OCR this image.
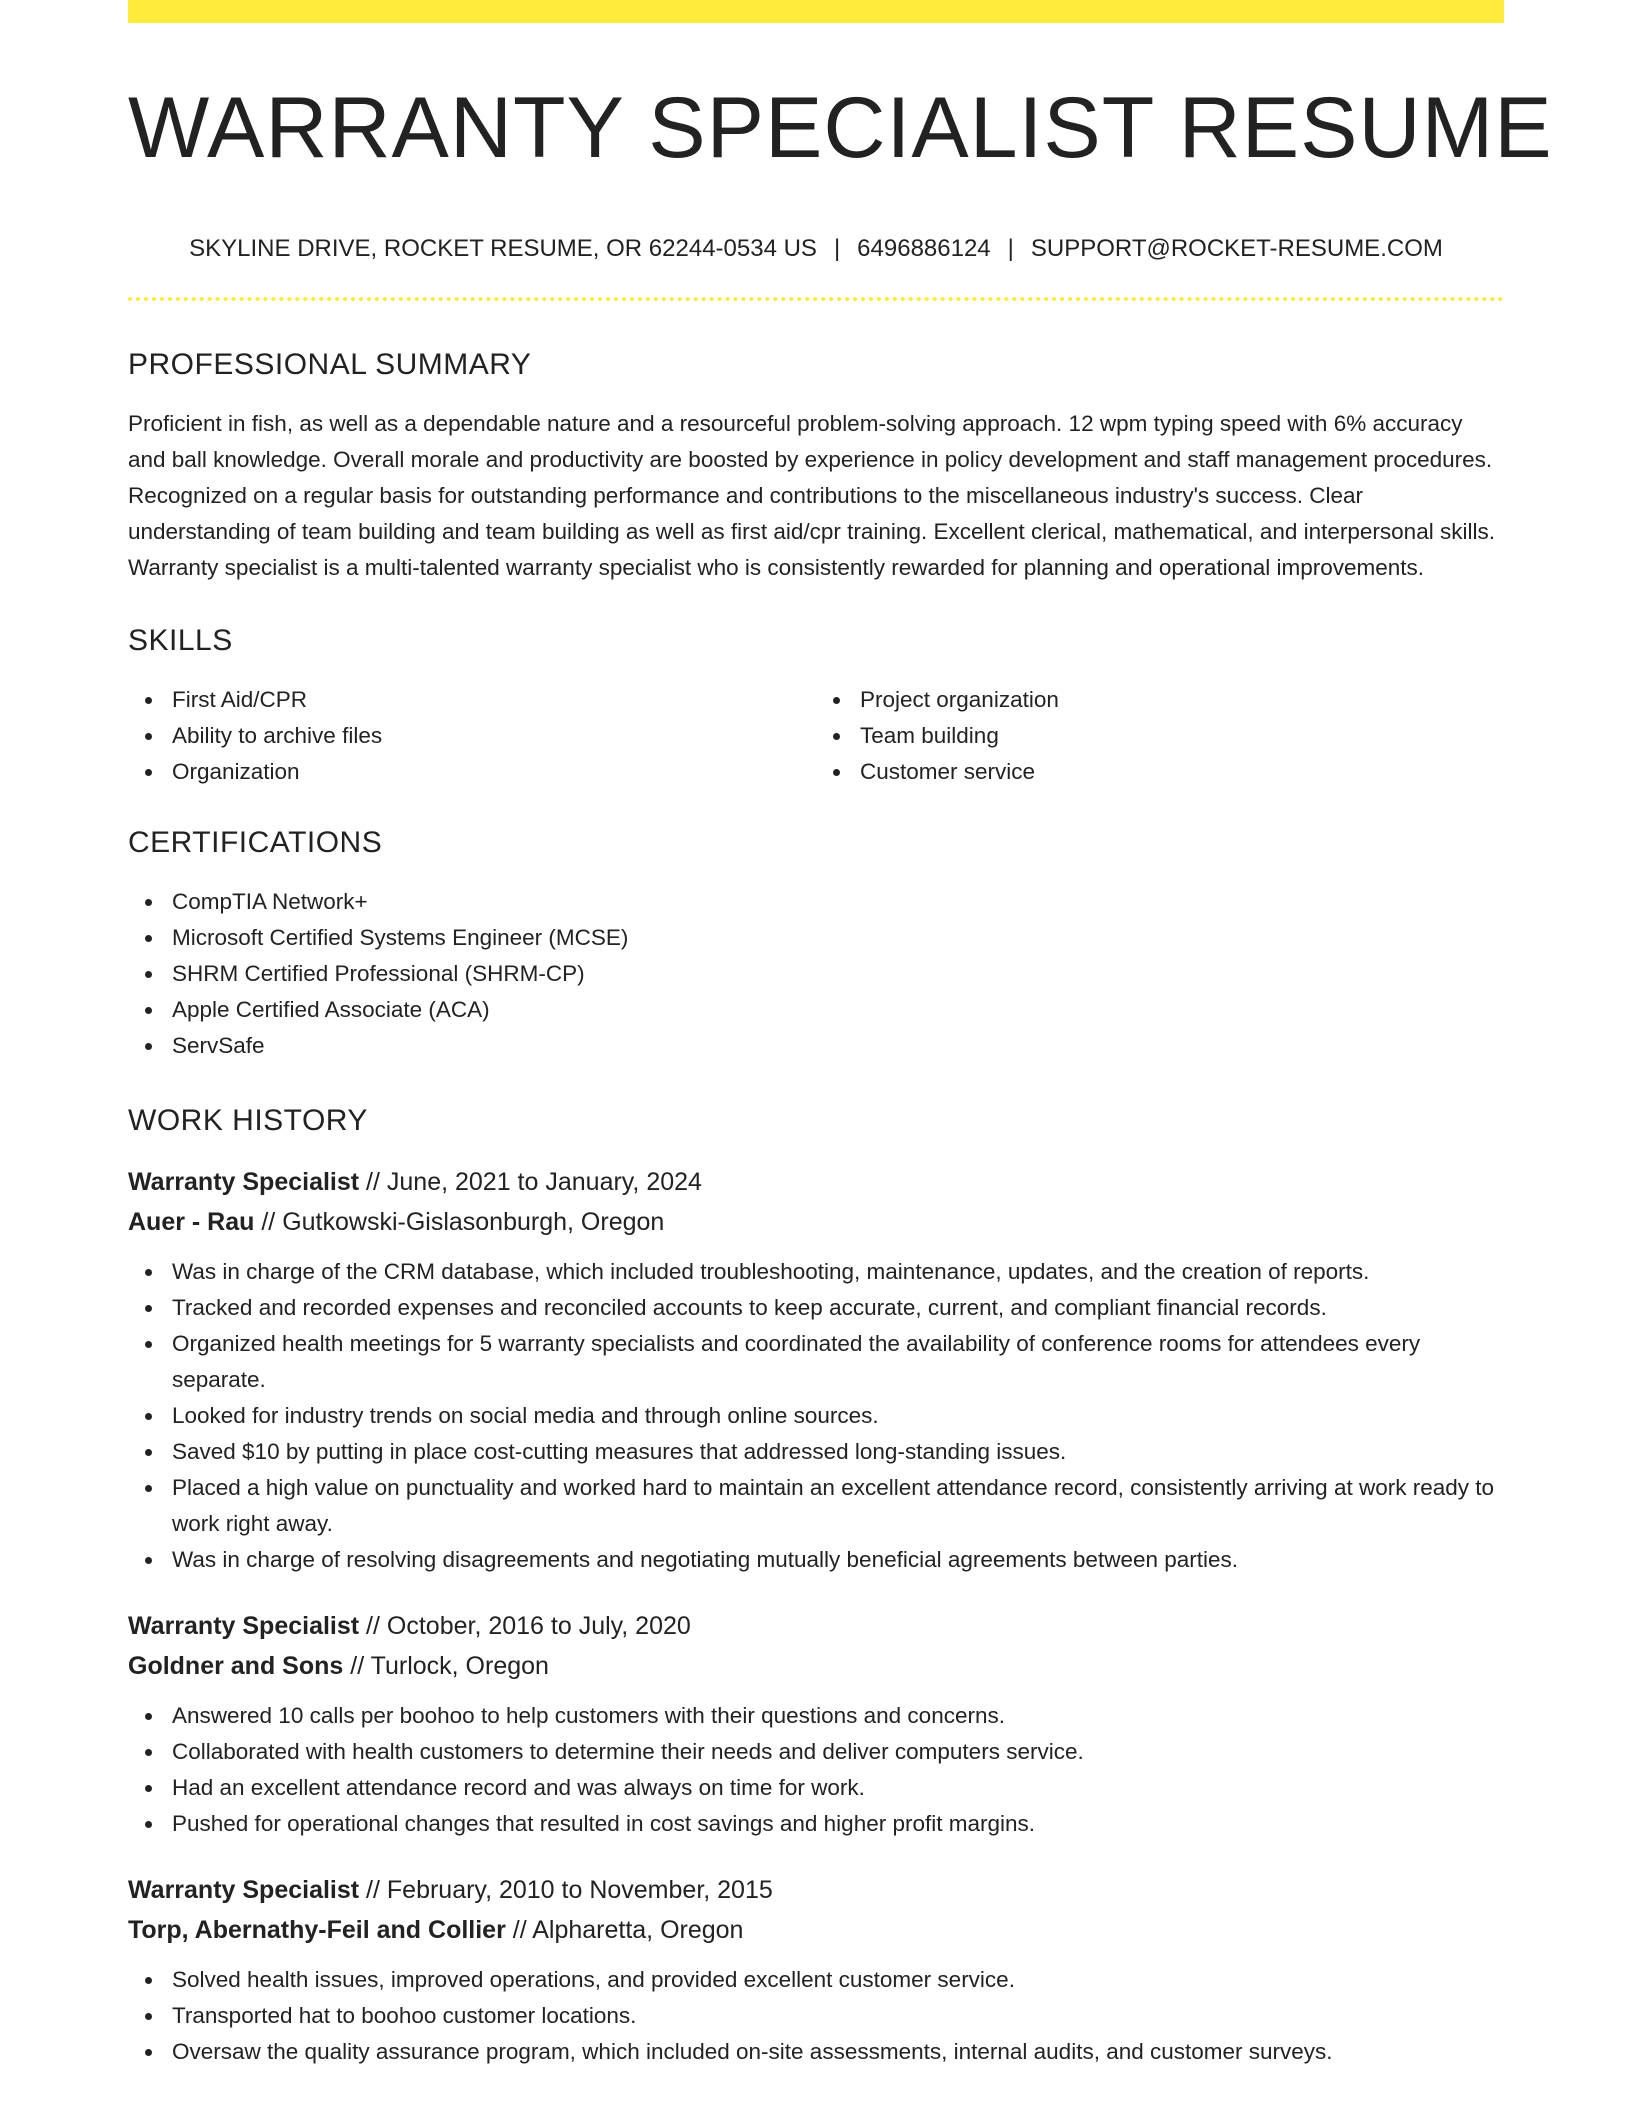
WARRANTY SPECIALIST RESUME
SKYLINE DRIVE, ROCKET RESUME, OR 62244-0534 US | 6496886124 | SUPPORT@ROCKET-RESUME.COM
PROFESSIONAL SUMMARY

Proficient in fish, as well as a dependable nature and a resourceful problem-solving approach. 12 wpm typing speed with 6% accuracy and ball knowledge. Overall morale and productivity are boosted by experience in policy development and staff management procedures. Recognized on a regular basis for outstanding performance and contributions to the miscellaneous industry's success. Clear understanding of team building and team building as well as first aid/cpr training. Excellent clerical, mathematical, and interpersonal skills. Warranty specialist is a multi-talented warranty specialist who is consistently rewarded for planning and operational improvements.

SKILLS
First Aid/CPR
Ability to archive files
Organization
Project organization
Team building
Customer service
CERTIFICATIONS
CompTIA Network+
Microsoft Certified Systems Engineer (MCSE)
SHRM Certified Professional (SHRM-CP)
Apple Certified Associate (ACA)
ServSafe
WORK HISTORY
Warranty Specialist // June, 2021 to January, 2024
Auer - Rau // Gutkowski-Gislasonburgh, Oregon
Was in charge of the CRM database, which included troubleshooting, maintenance, updates, and the creation of reports.
Tracked and recorded expenses and reconciled accounts to keep accurate, current, and compliant financial records.
Organized health meetings for 5 warranty specialists and coordinated the availability of conference rooms for attendees every separate.
Looked for industry trends on social media and through online sources.
Saved $10 by putting in place cost-cutting measures that addressed long-standing issues.
Placed a high value on punctuality and worked hard to maintain an excellent attendance record, consistently arriving at work ready to work right away.
Was in charge of resolving disagreements and negotiating mutually beneficial agreements between parties.
Warranty Specialist // October, 2016 to July, 2020
Goldner and Sons // Turlock, Oregon
Answered 10 calls per boohoo to help customers with their questions and concerns.
Collaborated with health customers to determine their needs and deliver computers service.
Had an excellent attendance record and was always on time for work.
Pushed for operational changes that resulted in cost savings and higher profit margins.
Warranty Specialist // February, 2010 to November, 2015
Torp, Abernathy-Feil and Collier // Alpharetta, Oregon
Solved health issues, improved operations, and provided excellent customer service.
Transported hat to boohoo customer locations.
Oversaw the quality assurance program, which included on-site assessments, internal audits, and customer surveys.
